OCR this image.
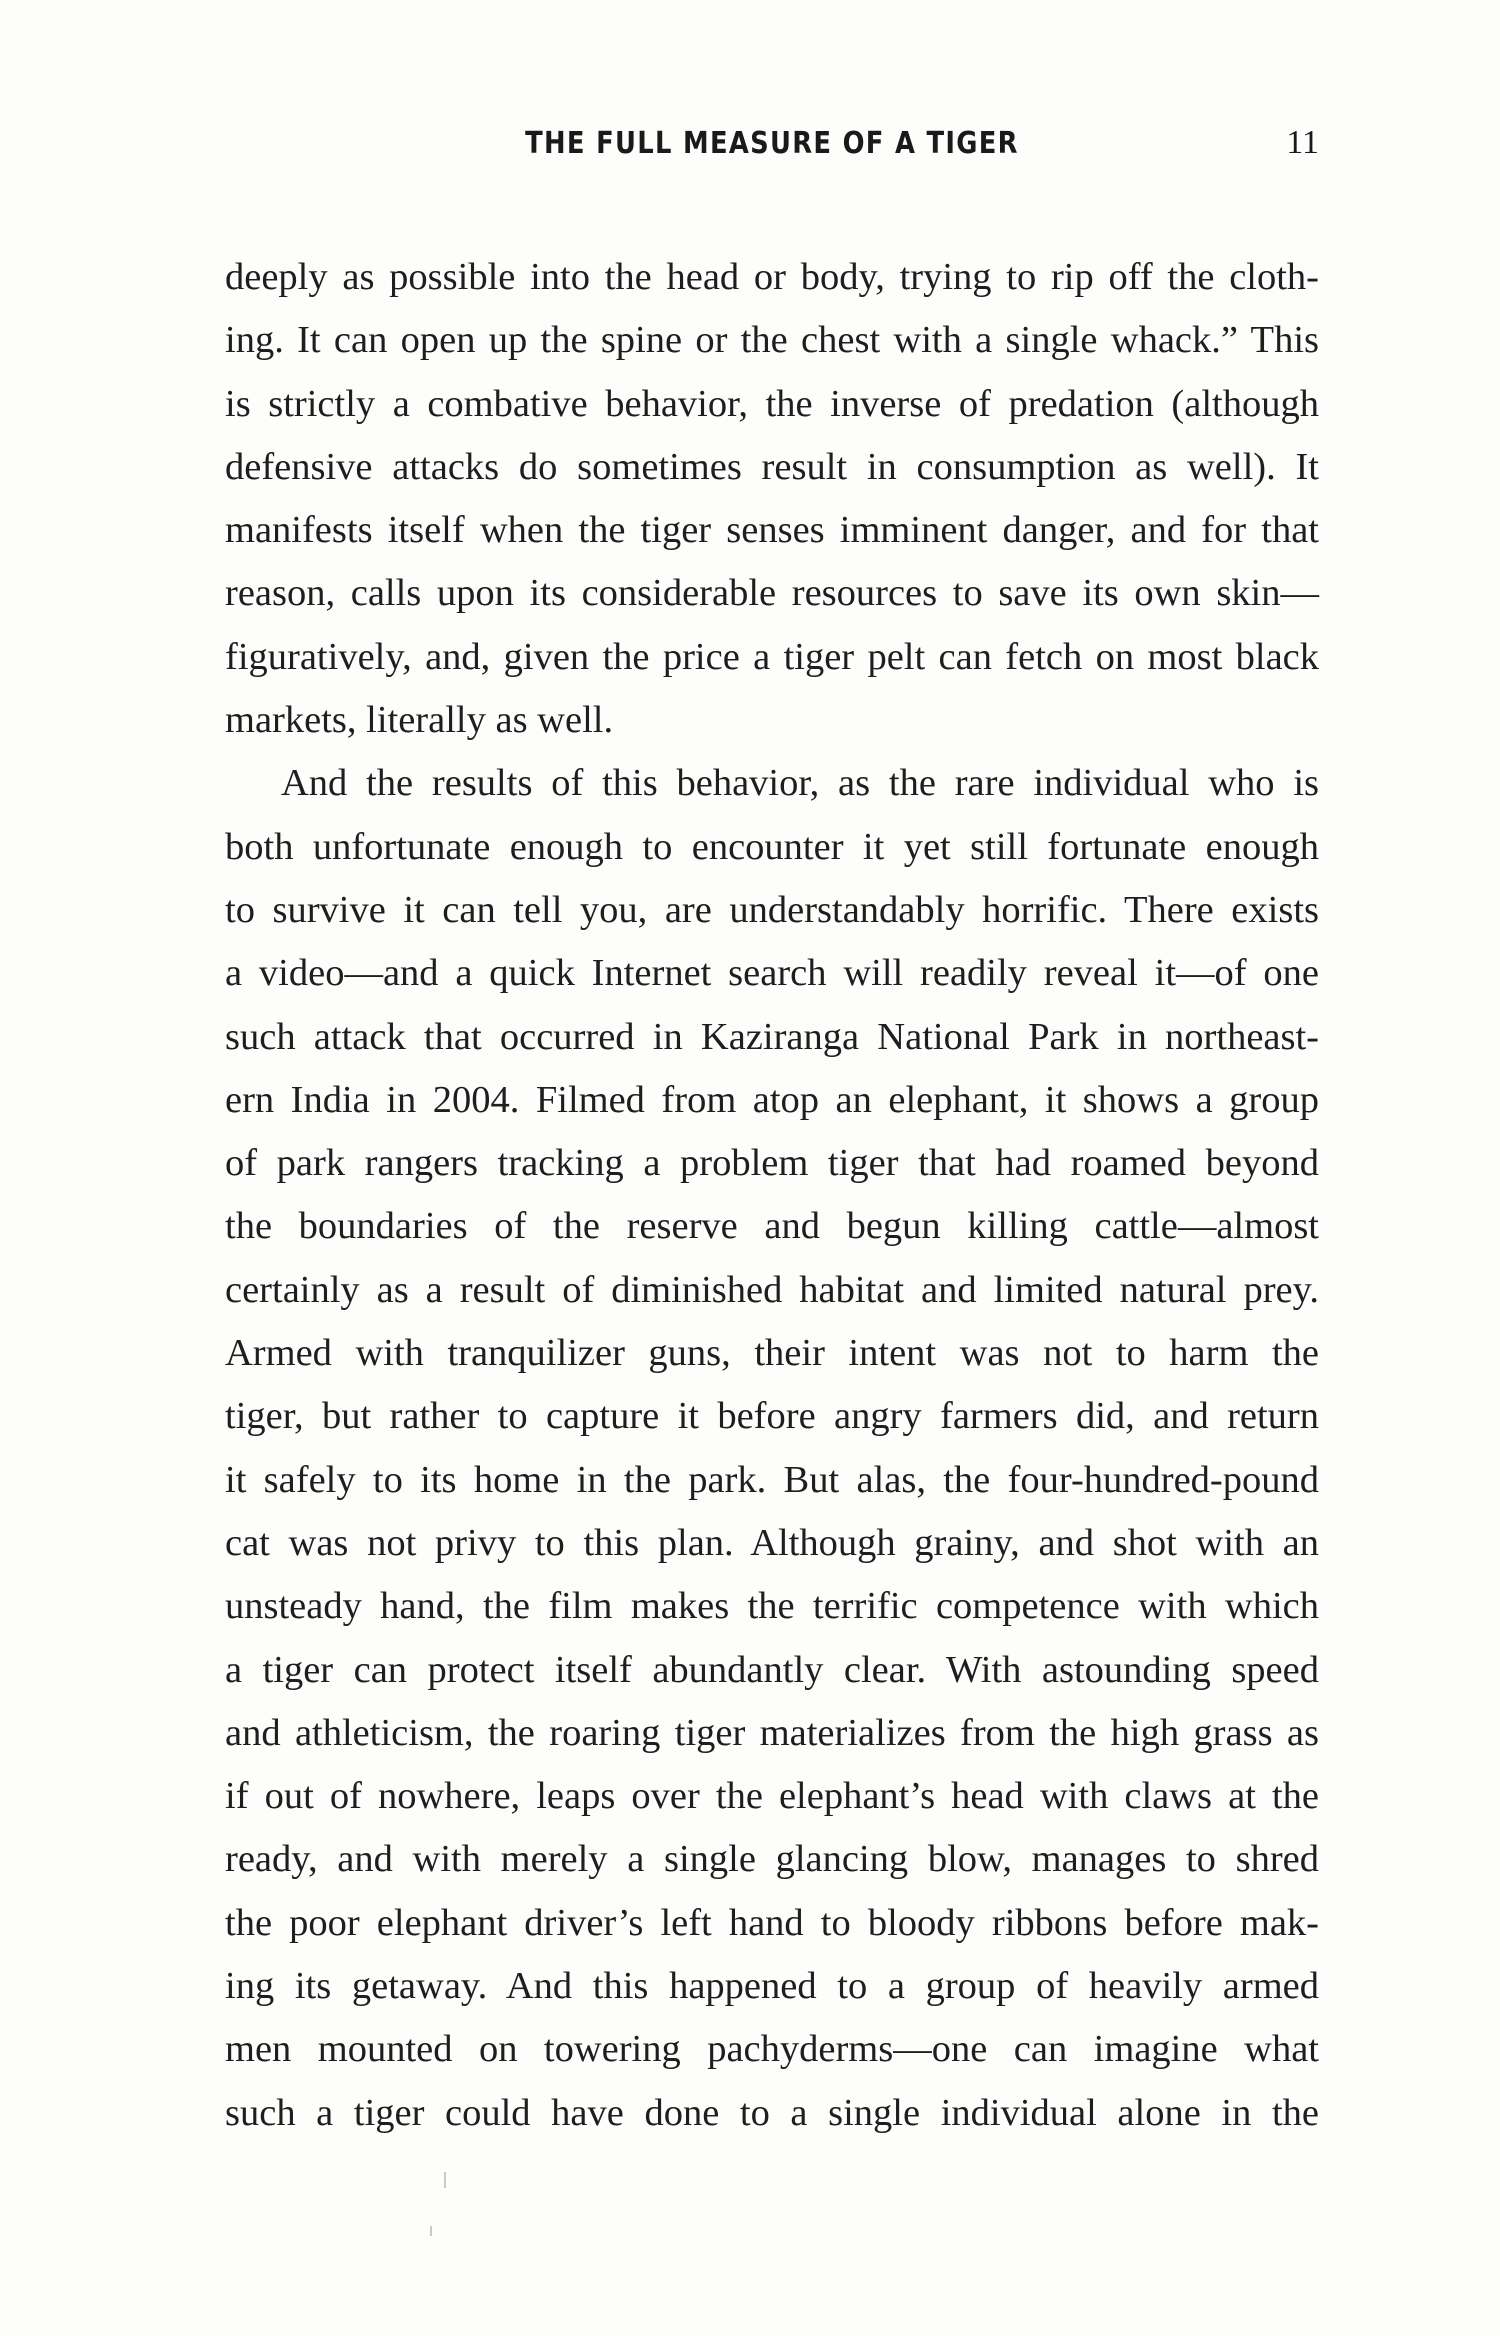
THE FULL MEASURE OF A TIGER	11
deeply as possible into the head or body, trying to rip off the cloth-
ing. It can open up the spine or the chest with a single whack.” This
is strictly a combative behavior, the inverse of predation (although
defensive attacks do sometimes result in consumption as well). It
manifests itself when the tiger senses imminent danger, and for that
reason, calls upon its considerable resources to save its own skin—
figuratively, and, given the price a tiger pelt can fetch on most black
markets, literally as well.
And the results of this behavior, as the rare individual who is
both unfortunate enough to encounter it yet still fortunate enough
to survive it can tell you, are understandably horrific. There exists
a video—and a quick Internet search will readily reveal it—of one
such attack that occurred in Kaziranga National Park in northeast-
ern India in 2004. Filmed from atop an elephant, it shows a group
of park rangers tracking a problem tiger that had roamed beyond
the boundaries of the reserve and begun killing cattle—almost
certainly as a result of diminished habitat and limited natural prey.
Armed with tranquilizer guns, their intent was not to harm the
tiger, but rather to capture it before angry farmers did, and return
it safely to its home in the park. But alas, the four-hundred-pound
cat was not privy to this plan. Although grainy, and shot with an
unsteady hand, the film makes the terrific competence with which
a tiger can protect itself abundantly clear. With astounding speed
and athleticism, the roaring tiger materializes from the high grass as
if out of nowhere, leaps over the elephant’s head with claws at the
ready, and with merely a single glancing blow, manages to shred
the poor elephant driver’s left hand to bloody ribbons before mak-
ing its getaway. And this happened to a group of heavily armed
men mounted on towering pachyderms—one can imagine what
such a tiger could have done to a single individual alone in the
